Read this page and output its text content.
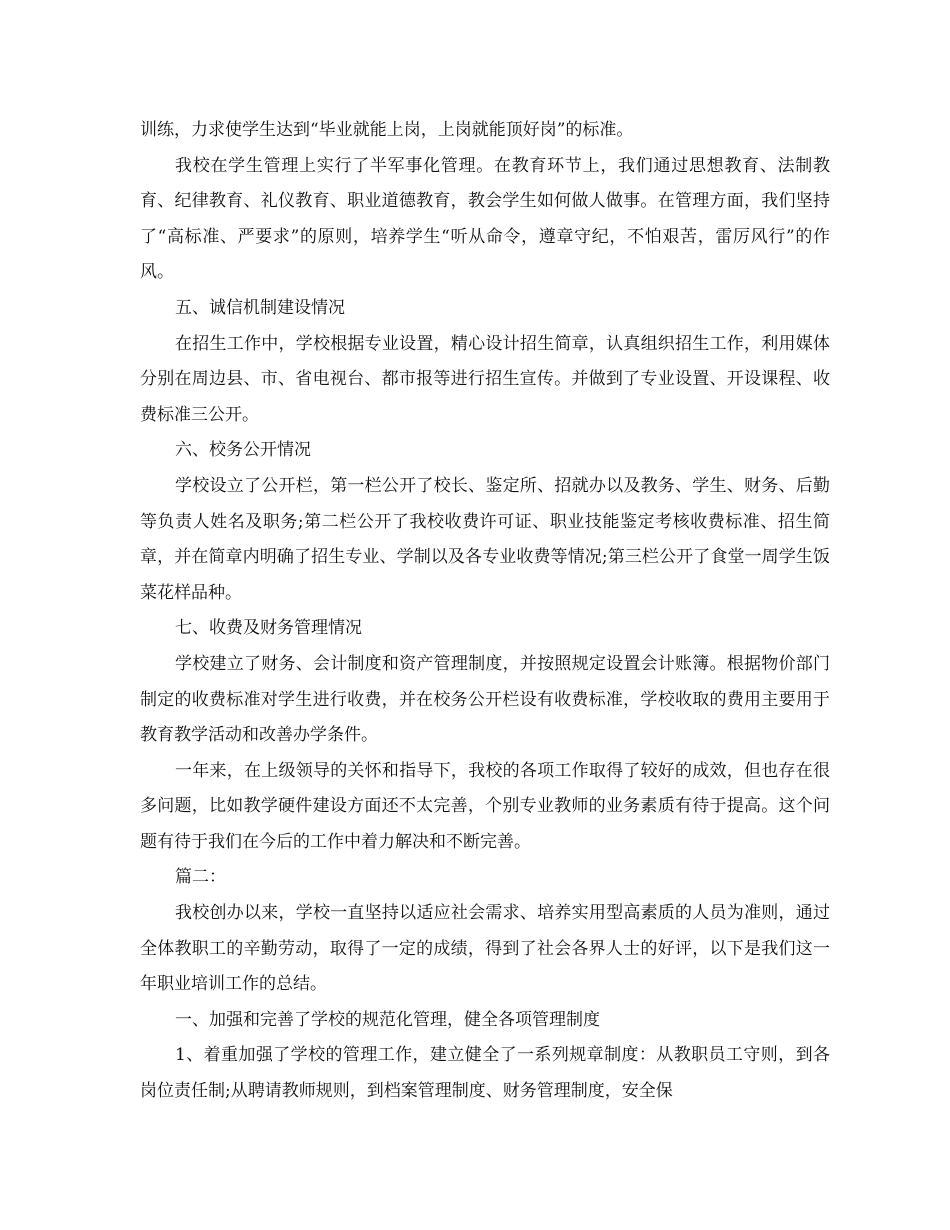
训练，力求使学生达到“毕业就能上岗，上岗就能顶好岗”的标准。

我校在学生管理上实行了半军事化管理。在教育环节上，我们通过思想教育、法制教育、纪律教育、礼仪教育、职业道德教育，教会学生如何做人做事。在管理方面，我们坚持了“高标准、严要求”的原则，培养学生“听从命令，遵章守纪，不怕艰苦，雷厉风行”的作风。

五、诚信机制建设情况

在招生工作中，学校根据专业设置，精心设计招生简章，认真组织招生工作，利用媒体分别在周边县、市、省电视台、都市报等进行招生宣传。并做到了专业设置、开设课程、收费标准三公开。

六、校务公开情况

学校设立了公开栏，第一栏公开了校长、鉴定所、招就办以及教务、学生、财务、后勤等负责人姓名及职务;第二栏公开了我校收费许可证、职业技能鉴定考核收费标准、招生简章，并在简章内明确了招生专业、学制以及各专业收费等情况;第三栏公开了食堂一周学生饭菜花样品种。

七、收费及财务管理情况

学校建立了财务、会计制度和资产管理制度，并按照规定设置会计账簿。根据物价部门制定的收费标准对学生进行收费，并在校务公开栏设有收费标准，学校收取的费用主要用于教育教学活动和改善办学条件。

一年来，在上级领导的关怀和指导下，我校的各项工作取得了较好的成效，但也存在很多问题，比如教学硬件建设方面还不太完善，个别专业教师的业务素质有待于提高。这个问题有待于我们在今后的工作中着力解决和不断完善。

篇二：

我校创办以来，学校一直坚持以适应社会需求、培养实用型高素质的人员为准则，通过全体教职工的辛勤劳动，取得了一定的成绩，得到了社会各界人士的好评，以下是我们这一年职业培训工作的总结。

一、加强和完善了学校的规范化管理，健全各项管理制度

1、着重加强了学校的管理工作，建立健全了一系列规章制度：从教职员工守则，到各岗位责任制;从聘请教师规则，到档案管理制度、财务管理制度，安全保
